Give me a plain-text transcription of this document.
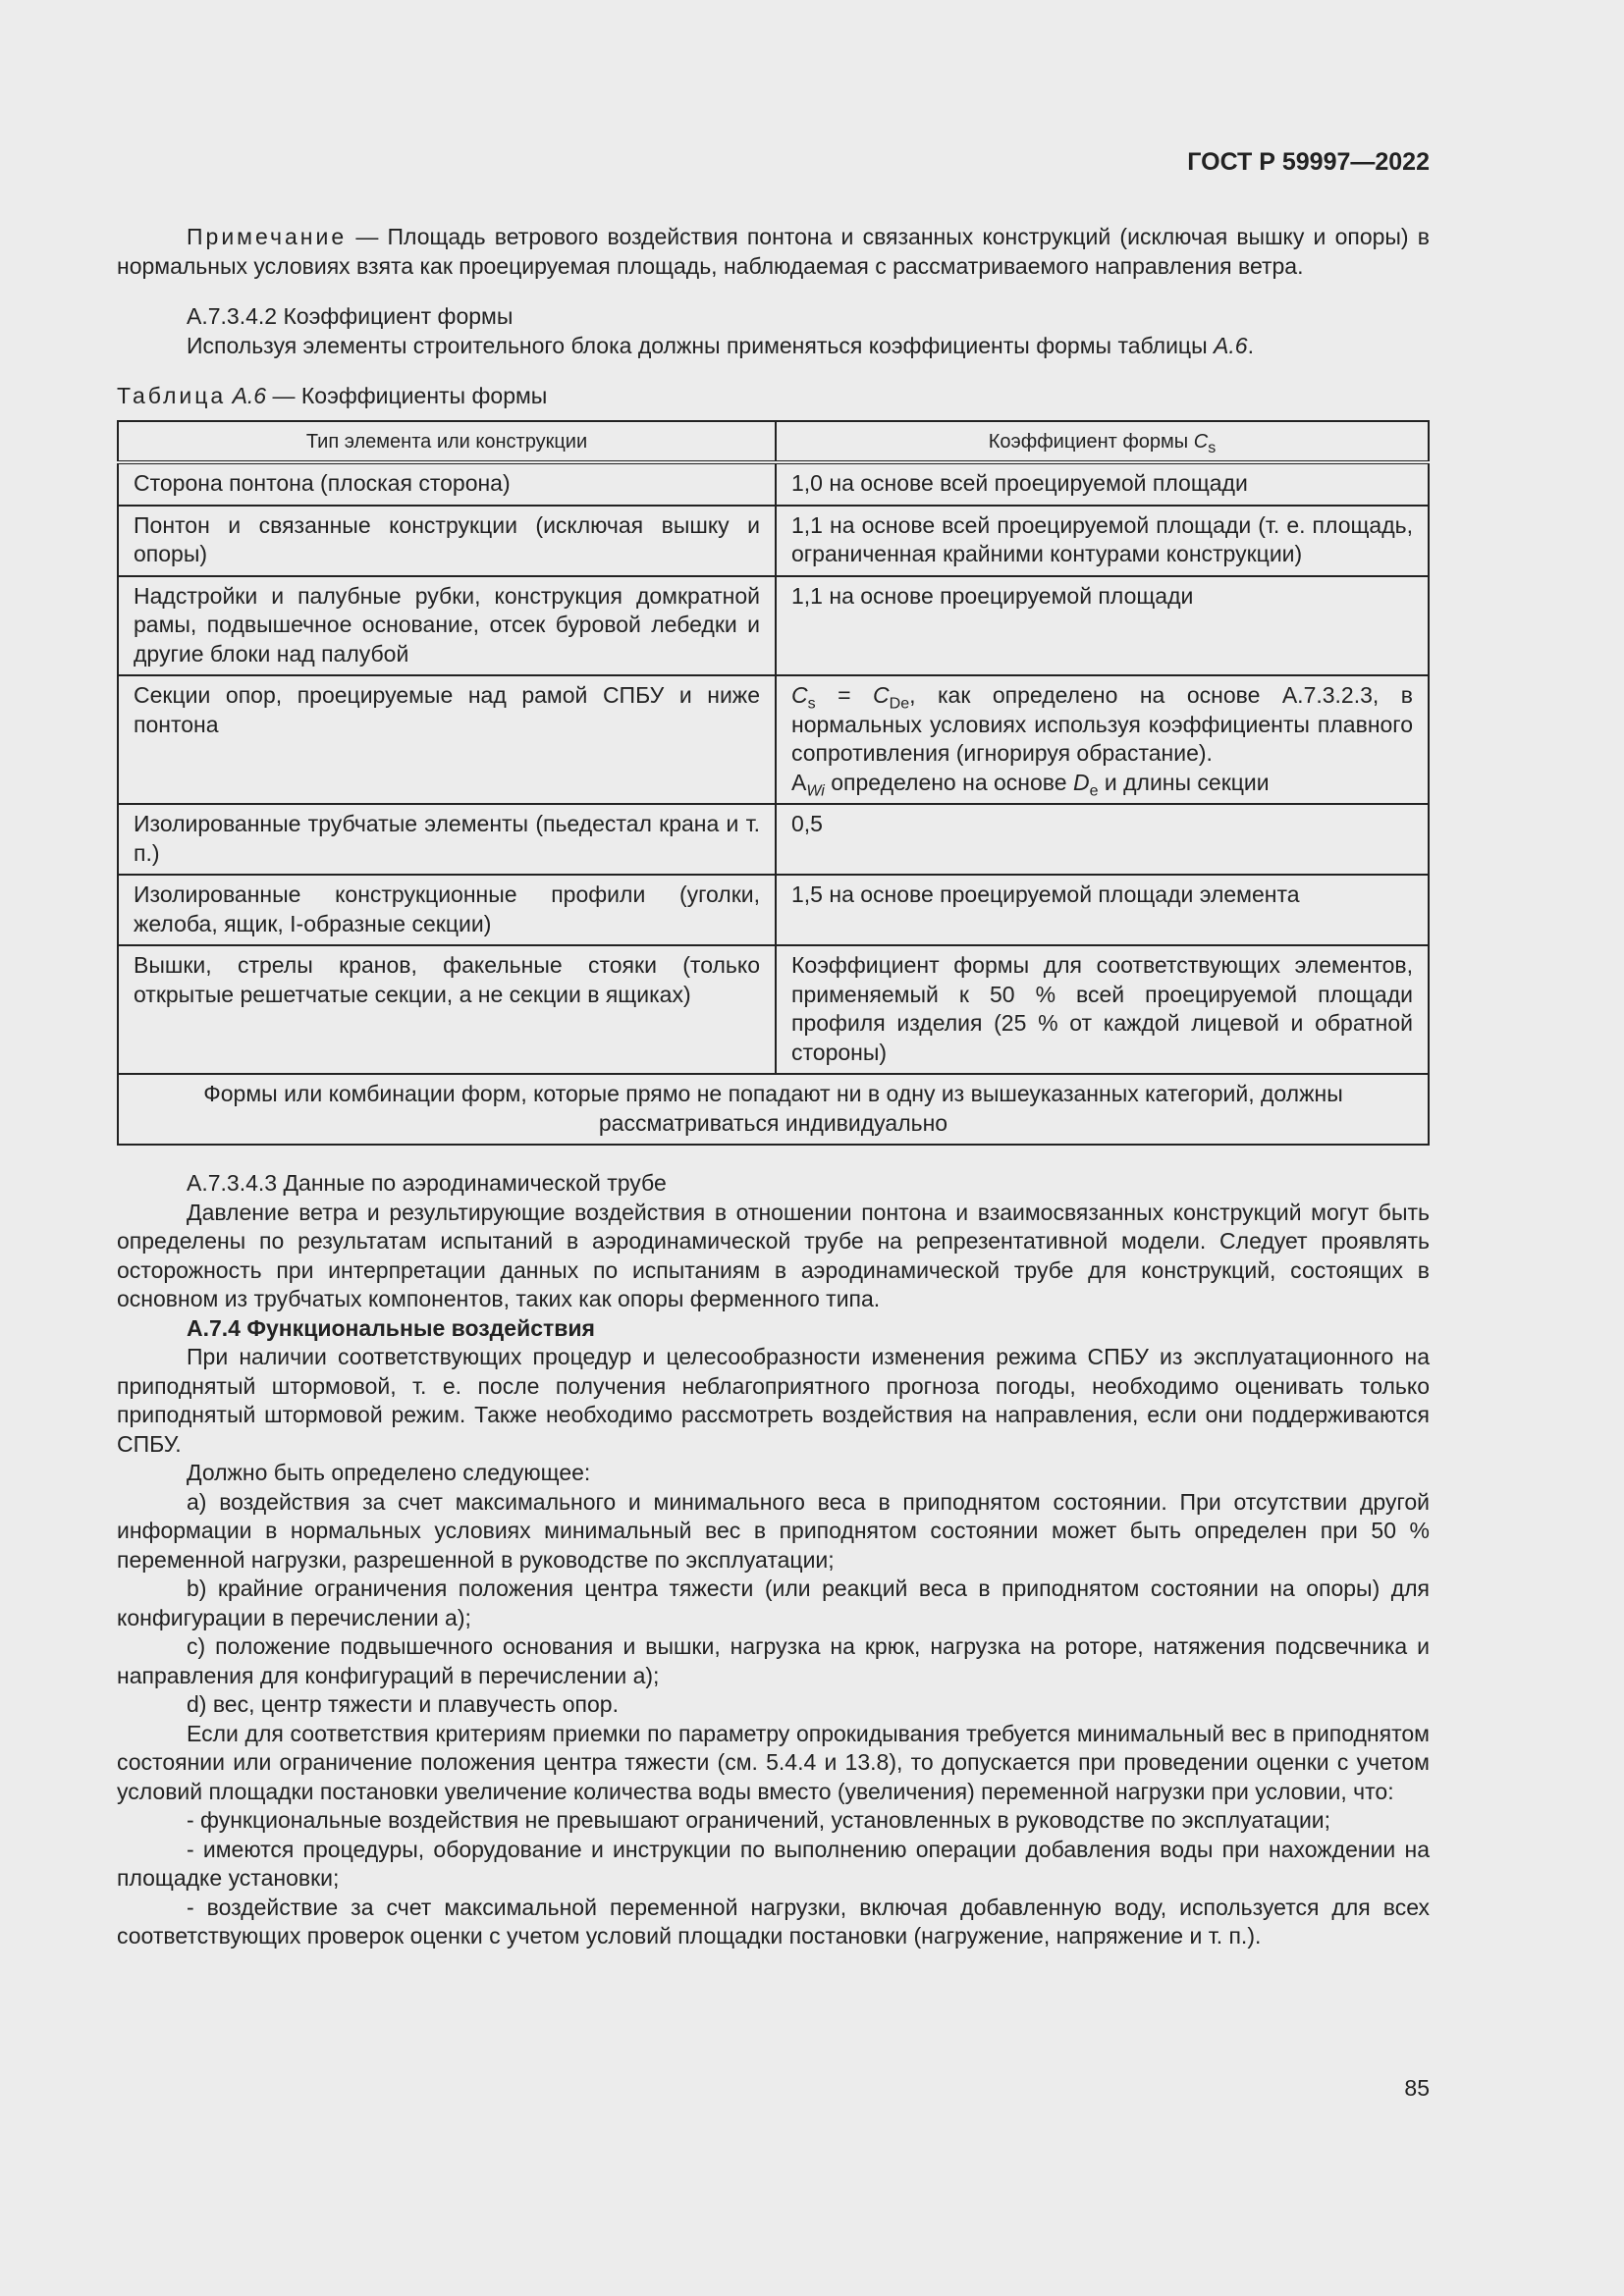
ГОСТ Р 59997—2022

Примечание — Площадь ветрового воздействия понтона и связанных конструкций (исключая вышку и опоры) в нормальных условиях взята как проецируемая площадь, наблюдаемая с рассматриваемого направления ветра.

А.7.3.4.2 Коэффициент формы

Используя элементы строительного блока должны применяться коэффициенты формы таблицы А.6.

Таблица А.6 — Коэффициенты формы

Тип элемента или конструкции	Коэффициент формы $C_s$
Сторона понтона (плоская сторона)	1,0 на основе всей проецируемой площади
Понтон и связанные конструкции (исключая вышку и опоры)	1,1 на основе всей проецируемой площади (т. е. площадь, ограниченная крайними контурами конструкции)
Надстройки и палубные рубки, конструкция домкратной рамы, подвышечное основание, отсек буровой лебедки и другие блоки над палубой	1,1 на основе проецируемой площади
Секции опор, проецируемые над рамой СПБУ и ниже понтона	$C_s = C_{De}$, как определено на основе А.7.3.2.3, в нормальных условиях используя коэффициенты плавного сопротивления (игнорируя обрастание).
$A_{Wi}$ определено на основе $D_e$ и длины секции
Изолированные трубчатые элементы (пьедестал крана и т. п.)	0,5
Изолированные конструкционные профили (уголки, желоба, ящик, I-образные секции)	1,5 на основе проецируемой площади элемента
Вышки, стрелы кранов, факельные стояки (только открытые решетчатые секции, а не секции в ящиках)	Коэффициент формы для соответствующих элементов, применяемый к 50 % всей проецируемой площади профиля изделия (25 % от каждой лицевой и обратной стороны)
Формы или комбинации форм, которые прямо не попадают ни в одну из вышеуказанных категорий, должны рассматриваться индивидуально	

А.7.3.4.3 Данные по аэродинамической трубе

Давление ветра и результирующие воздействия в отношении понтона и взаимосвязанных конструкций могут быть определены по результатам испытаний в аэродинамической трубе на репрезентативной модели. Следует проявлять осторожность при интерпретации данных по испытаниям в аэродинамической трубе для конструкций, состоящих в основном из трубчатых компонентов, таких как опоры ферменного типа.

А.7.4 Функциональные воздействия

При наличии соответствующих процедур и целесообразности изменения режима СПБУ из эксплуатационного на приподнятый штормовой, т. е. после получения неблагоприятного прогноза погоды, необходимо оценивать только приподнятый штормовой режим. Также необходимо рассмотреть воздействия на направления, если они поддерживаются СПБУ.

Должно быть определено следующее:

a) воздействия за счет максимального и минимального веса в приподнятом состоянии. При отсутствии другой информации в нормальных условиях минимальный вес в приподнятом состоянии может быть определен при 50 % переменной нагрузки, разрешенной в руководстве по эксплуатации;

b) крайние ограничения положения центра тяжести (или реакций веса в приподнятом состоянии на опоры) для конфигурации в перечислении a);

c) положение подвышечного основания и вышки, нагрузка на крюк, нагрузка на роторе, натяжения подсвечника и направления для конфигураций в перечислении a);

d) вес, центр тяжести и плавучесть опор.

Если для соответствия критериям приемки по параметру опрокидывания требуется минимальный вес в приподнятом состоянии или ограничение положения центра тяжести (см. 5.4.4 и 13.8), то допускается при проведении оценки с учетом условий площадки постановки увеличение количества воды вместо (увеличения) переменной нагрузки при условии, что:

- функциональные воздействия не превышают ограничений, установленных в руководстве по эксплуатации;

- имеются процедуры, оборудование и инструкции по выполнению операции добавления воды при нахождении на площадке установки;

- воздействие за счет максимальной переменной нагрузки, включая добавленную воду, используется для всех соответствующих проверок оценки с учетом условий площадки постановки (нагружение, напряжение и т. п.).

85
